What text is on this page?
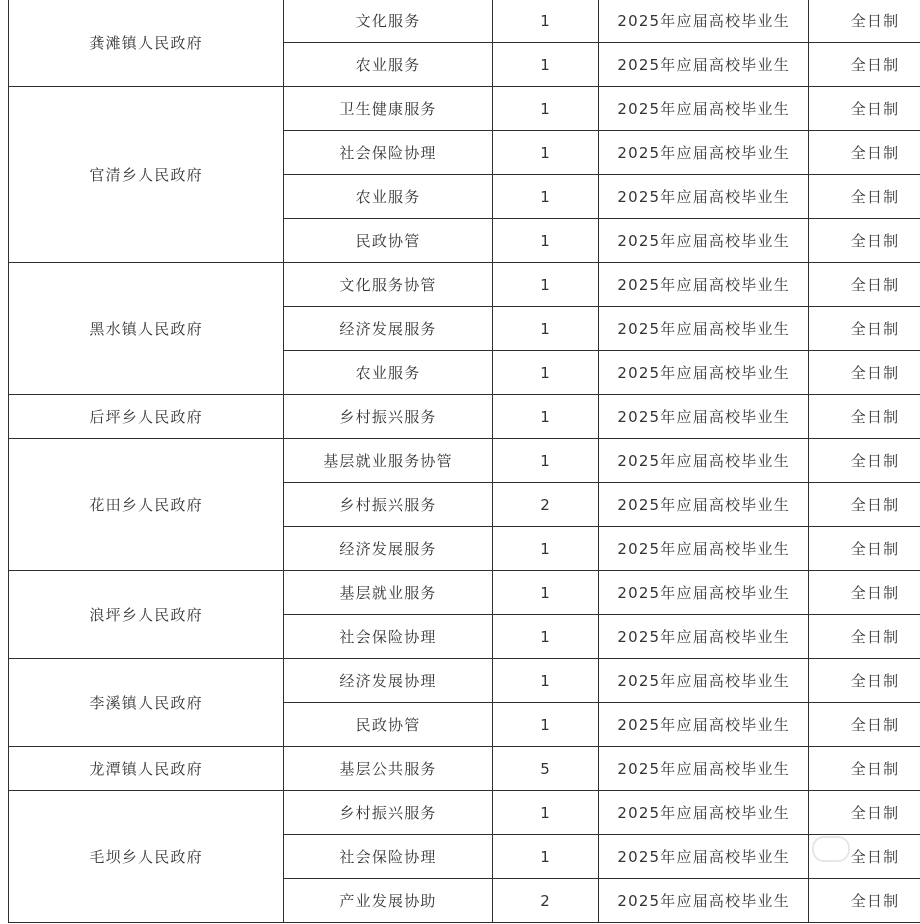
龚滩镇人民政府	文化服务	1	2025年应届高校毕业生	全日制
	农业服务	1	2025年应届高校毕业生	全日制
官清乡人民政府	卫生健康服务	1	2025年应届高校毕业生	全日制
	社会保险协理	1	2025年应届高校毕业生	全日制
	农业服务	1	2025年应届高校毕业生	全日制
	民政协管	1	2025年应届高校毕业生	全日制
黑水镇人民政府	文化服务协管	1	2025年应届高校毕业生	全日制
	经济发展服务	1	2025年应届高校毕业生	全日制
	农业服务	1	2025年应届高校毕业生	全日制
后坪乡人民政府	乡村振兴服务	1	2025年应届高校毕业生	全日制
花田乡人民政府	基层就业服务协管	1	2025年应届高校毕业生	全日制
	乡村振兴服务	2	2025年应届高校毕业生	全日制
	经济发展服务	1	2025年应届高校毕业生	全日制
浪坪乡人民政府	基层就业服务	1	2025年应届高校毕业生	全日制
	社会保险协理	1	2025年应届高校毕业生	全日制
李溪镇人民政府	经济发展协理	1	2025年应届高校毕业生	全日制
	民政协管	1	2025年应届高校毕业生	全日制
龙潭镇人民政府	基层公共服务	5	2025年应届高校毕业生	全日制
毛坝乡人民政府	乡村振兴服务	1	2025年应届高校毕业生	全日制
	社会保险协理	1	2025年应届高校毕业生	全日制
	产业发展协助	2	2025年应届高校毕业生	全日制
